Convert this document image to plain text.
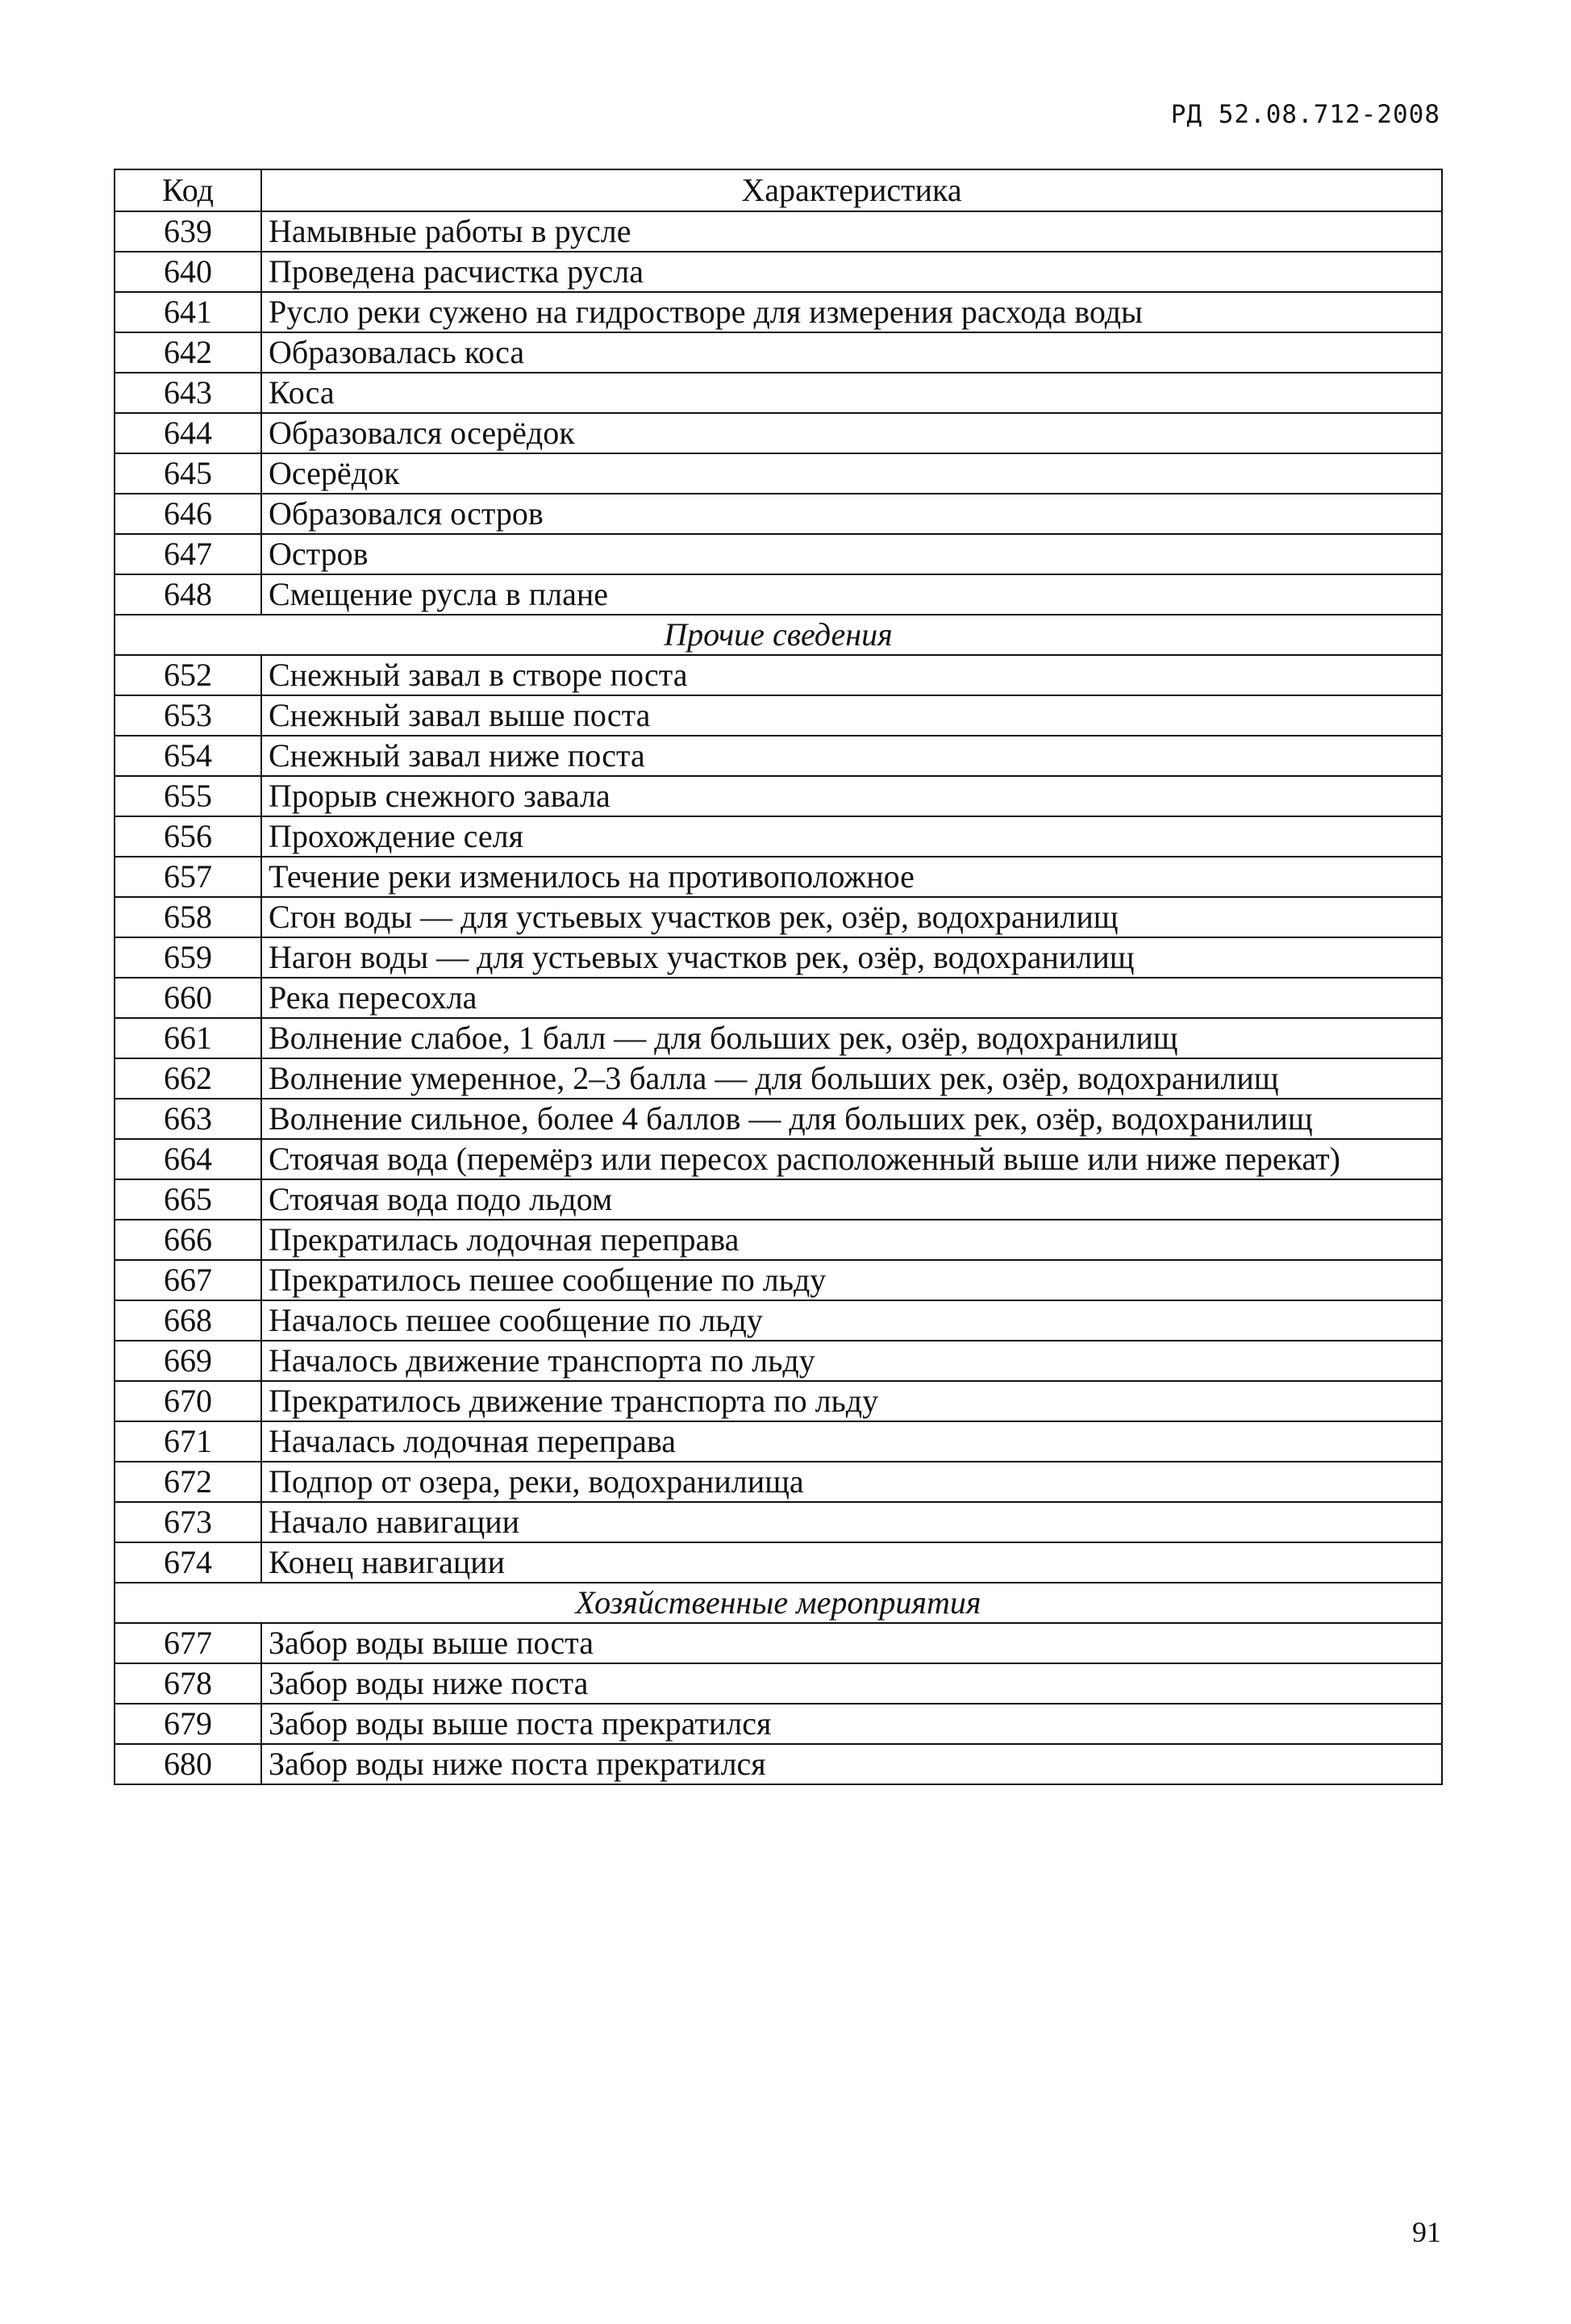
РД 52.08.712-2008
Код	Характеристика
639	Намывные работы в русле
640	Проведена расчистка русла
641	Русло реки сужено на гидростворе для измерения расхода воды
642	Образовалась коса
643	Коса
644	Образовался осерёдок
645	Осерёдок
646	Образовался остров
647	Остров
648	Смещение русла в плане
Прочие сведения	
652	Снежный завал в створе поста
653	Снежный завал выше поста
654	Снежный завал ниже поста
655	Прорыв снежного завала
656	Прохождение селя
657	Течение реки изменилось на противоположное
658	Сгон воды — для устьевых участков рек, озёр, водохранилищ
659	Нагон воды — для устьевых участков рек, озёр, водохранилищ
660	Река пересохла
661	Волнение слабое, 1 балл — для больших рек, озёр, водохранилищ
662	Волнение умеренное, 2–3 балла — для больших рек, озёр, водохранилищ
663	Волнение сильное, более 4 баллов — для больших рек, озёр, водохранилищ
664	Стоячая вода (перемёрз или пересох расположенный выше или ниже перекат)
665	Стоячая вода подо льдом
666	Прекратилась лодочная переправа
667	Прекратилось пешее сообщение по льду
668	Началось пешее сообщение по льду
669	Началось движение транспорта по льду
670	Прекратилось движение транспорта по льду
671	Началась лодочная переправа
672	Подпор от озера, реки, водохранилища
673	Начало навигации
674	Конец навигации
Хозяйственные мероприятия	
677	Забор воды выше поста
678	Забор воды ниже поста
679	Забор воды выше поста прекратился
680	Забор воды ниже поста прекратился
91
